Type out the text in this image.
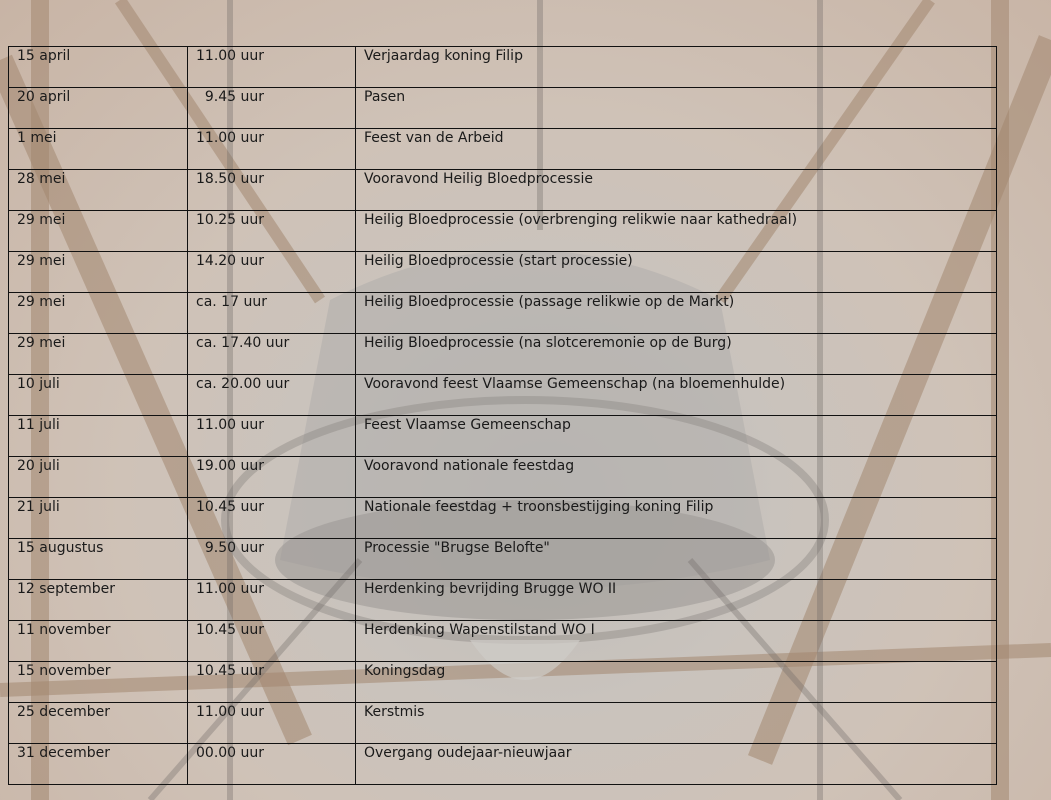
15 april	11.00 uur	Verjaardag koning Filip
20 april	9.45 uur	Pasen
1 mei	11.00 uur	Feest van de Arbeid
28 mei	18.50 uur	Vooravond Heilig Bloedprocessie
29 mei	10.25 uur	Heilig Bloedprocessie (overbrenging relikwie naar kathedraal)
29 mei	14.20 uur	Heilig Bloedprocessie (start processie)
29 mei	ca. 17 uur	Heilig Bloedprocessie (passage relikwie op de Markt)
29 mei	ca. 17.40 uur	Heilig Bloedprocessie (na slotceremonie op de Burg)
10 juli	ca. 20.00 uur	Vooravond feest Vlaamse Gemeenschap (na bloemenhulde)
11 juli	11.00 uur	Feest Vlaamse Gemeenschap
20 juli	19.00 uur	Vooravond nationale feestdag
21 juli	10.45 uur	Nationale feestdag + troonsbestijging koning Filip
15 augustus	9.50 uur	Processie "Brugse Belofte"
12 september	11.00 uur	Herdenking bevrijding Brugge WO II
11 november	10.45 uur	Herdenking Wapenstilstand WO I
15 november	10.45 uur	Koningsdag
25 december	11.00 uur	Kerstmis
31 december	00.00 uur	Overgang oudejaar-nieuwjaar
